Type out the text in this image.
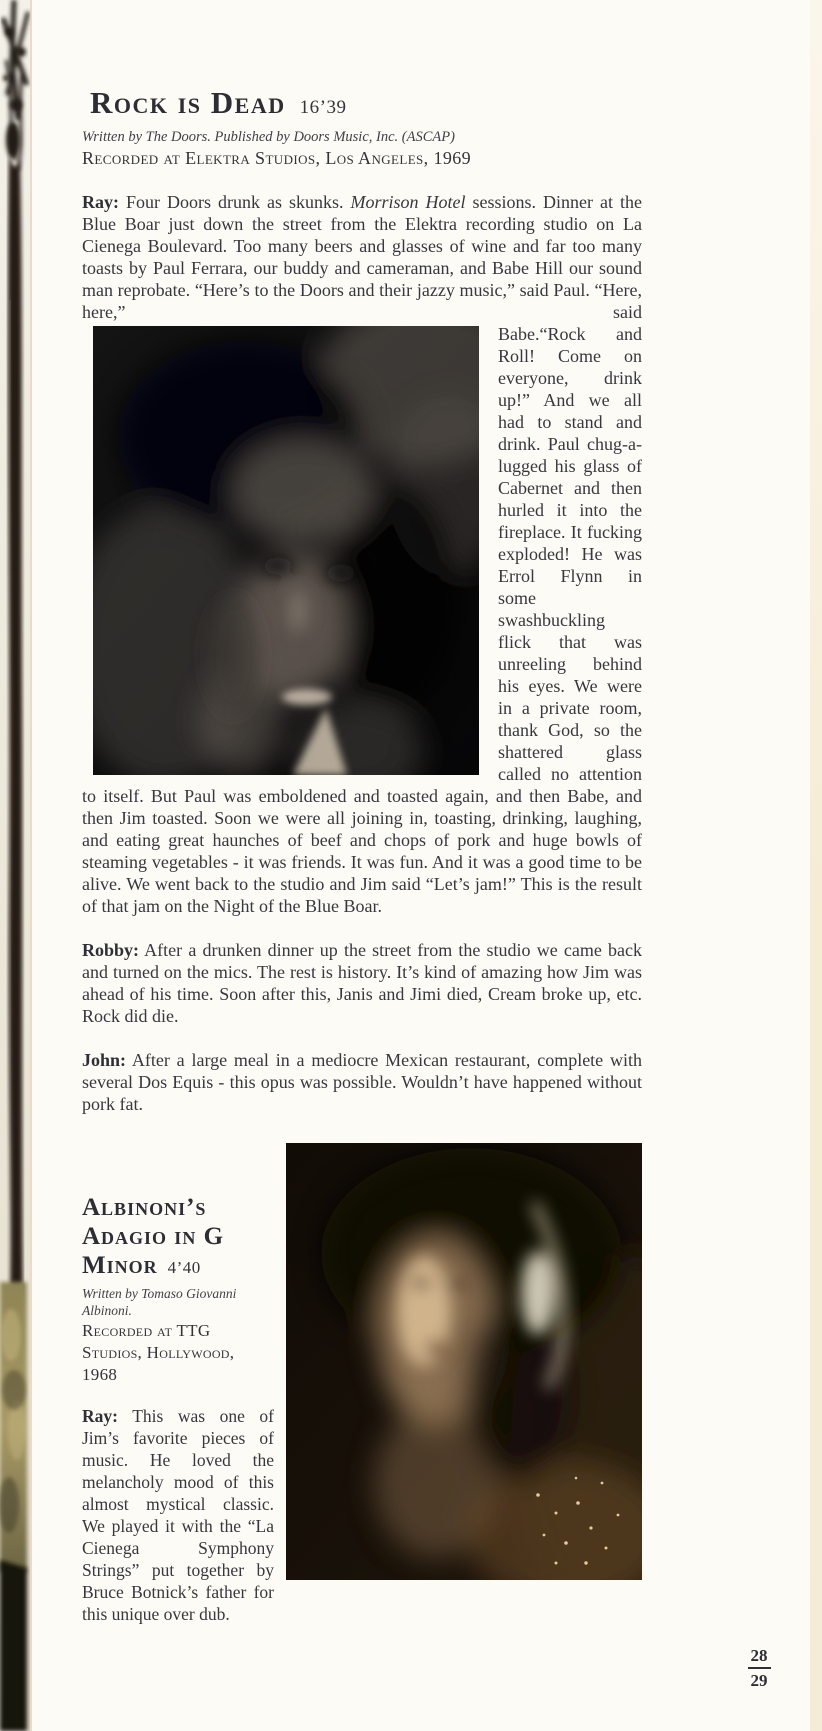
Rock is Dead 16’39

Written by The Doors. Published by Doors Music, Inc. (ASCAP)

Recorded at Elektra Studios, Los Angeles, 1969

Ray: Four Doors drunk as skunks. Morrison Hotel sessions. Dinner at the Blue Boar just down the street from the Elektra recording studio on La Cienega Boulevard. Too many beers and glasses of wine and far too many toasts by Paul Ferrara, our buddy and cameraman, and Babe Hill our sound man reprobate. “Here’s to the Doors and their jazzy music,” said Paul. “Here, here,” said Babe.
“Rock and Roll! Come on everyone, drink up!” And we all had to stand and drink. Paul chug-a-lugged his glass of Cabernet and then hurled it into the fireplace. It fucking exploded! He was Errol Flynn in some swashbuckling flick that was unreeling behind his eyes. We were in a private room, thank God, so the shattered glass called no attention to itself. But Paul was emboldened and toasted again, and then Babe, and then Jim toasted. Soon we were all joining in, toasting, drinking, laughing, and eating great haunches of beef and chops of pork and huge bowls of steaming vegetables - it was friends. It was fun. And it was a good time to be alive. We went back to the studio and Jim said “Let’s jam!” This is the result of that jam on the Night of the Blue Boar.

Robby: After a drunken dinner up the street from the studio we came back and turned on the mics. The rest is history. It’s kind of amazing how Jim was ahead of his time. Soon after this, Janis and Jimi died, Cream broke up, etc. Rock did die.

John: After a large meal in a mediocre Mexican restaurant, complete with several Dos Equis - this opus was possible. Wouldn’t have happened without pork fat.

Albinoni’s
Adagio in G Minor 4’40

Written by Tomaso Giovanni Albinoni.

Recorded at TTG Studios, Hollywood, 1968

Ray: This was one of Jim’s favorite pieces of music. He loved the melancholy mood of this almost mystical classic. We played it with the “La Cienega Symphony Strings” put together by Bruce Botnick’s father for this unique over dub.

28
29
